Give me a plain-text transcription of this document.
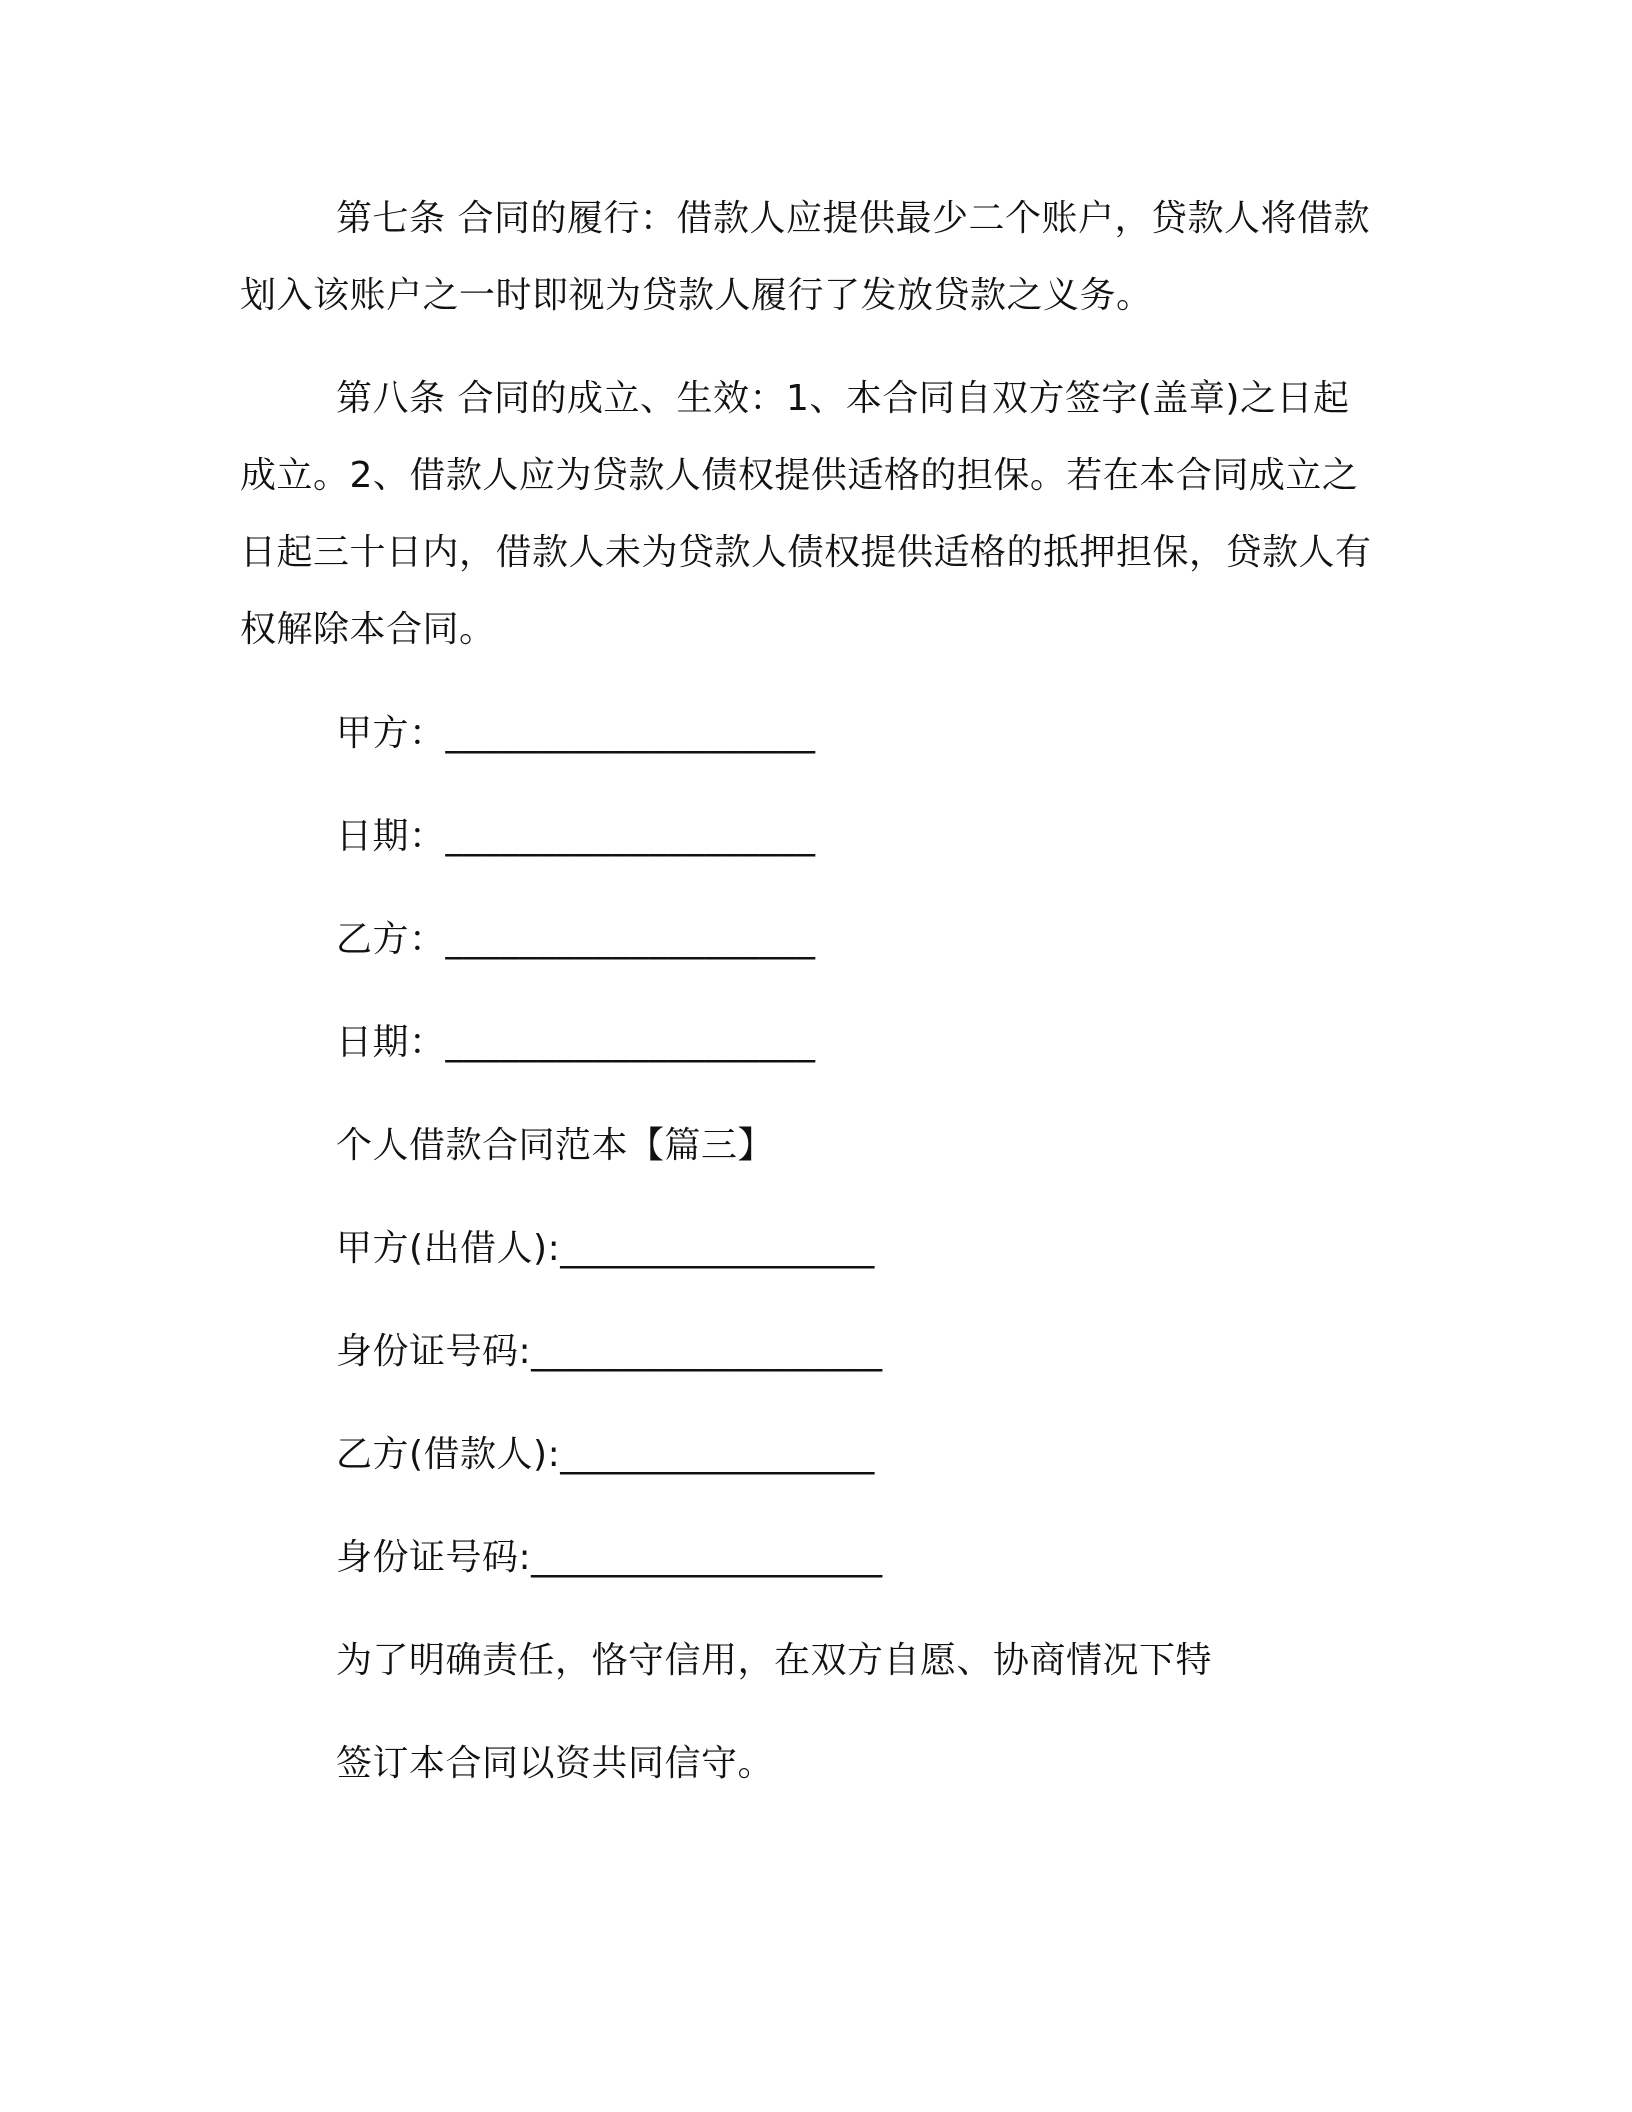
第七条 合同的履行：借款人应提供最少二个账户，贷款人将借款划入该账户之一时即视为贷款人履行了发放贷款之义务。

第八条 合同的成立、生效：1、本合同自双方签字(盖章)之日起成立。2、借款人应为贷款人债权提供适格的担保。若在本合同成立之日起三十日内，借款人未为贷款人债权提供适格的抵押担保，贷款人有权解除本合同。

甲方：____________________

日期：____________________

乙方：____________________

日期：____________________

个人借款合同范本【篇三】

甲方(出借人):_________________

身份证号码:___________________

乙方(借款人):_________________

身份证号码:___________________

为了明确责任，恪守信用，在双方自愿、协商情况下特

签订本合同以资共同信守。
